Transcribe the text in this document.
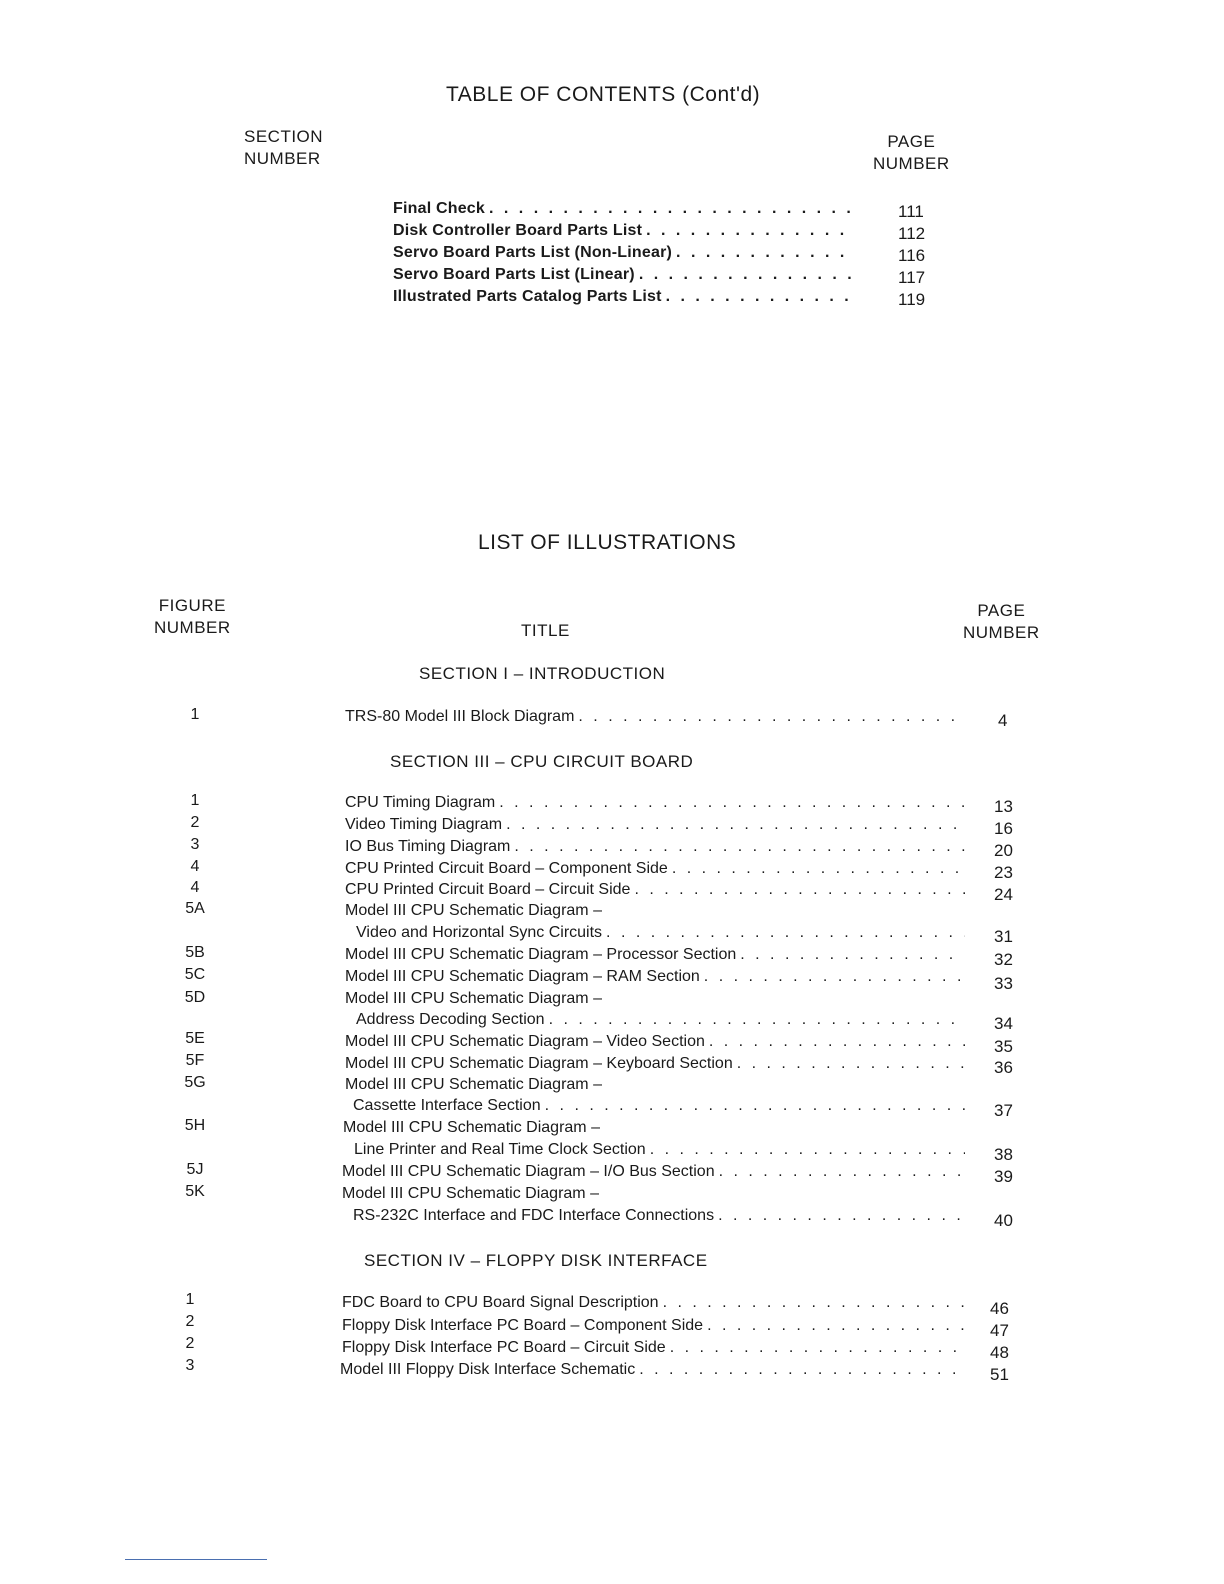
TABLE OF CONTENTS (Cont'd)
SECTION
NUMBER
PAGE
NUMBER
Final Check . . .	111
Disk Controller Board Parts List . . .	112
Servo Board Parts List (Non-Linear) . . .	116
Servo Board Parts List (Linear) . . .	117
Illustrated Parts Catalog Parts List . . .	119
LIST OF ILLUSTRATIONS
FIGURE
NUMBER	TITLE
PAGE
NUMBER
SECTION I – INTRODUCTION
1	TRS-80 Model III Block Diagram . . .	4
SECTION III – CPU CIRCUIT BOARD
1	CPU Timing Diagram . . .	13
2	Video Timing Diagram . . .	16
3	IO Bus Timing Diagram . . .	20
4	CPU Printed Circuit Board – Component Side . . .	23
4	CPU Printed Circuit Board – Circuit Side . . .	24
5A	Model III CPU Schematic Diagram –
Video and Horizontal Sync Circuits . . .	31
5B	Model III CPU Schematic Diagram – Processor Section . . .	32
5C	Model III CPU Schematic Diagram – RAM Section . . .	33
5D	Model III CPU Schematic Diagram –
Address Decoding Section . . .	34
5E	Model III CPU Schematic Diagram – Video Section . . .	35
5F	Model III CPU Schematic Diagram – Keyboard Section . . .	36
5G	Model III CPU Schematic Diagram –
Cassette Interface Section . . .	37
5H	Model III CPU Schematic Diagram –
Line Printer and Real Time Clock Section . . .	38
5J	Model III CPU Schematic Diagram – I/O Bus Section . . .	39
5K	Model III CPU Schematic Diagram –
RS-232C Interface and FDC Interface Connections . . .	40
SECTION IV – FLOPPY DISK INTERFACE
1	FDC Board to CPU Board Signal Description . . .	46
2	Floppy Disk Interface PC Board – Component Side . . .	47
2	Floppy Disk Interface PC Board – Circuit Side . . .	48
3	Model III Floppy Disk Interface Schematic . . .	51
